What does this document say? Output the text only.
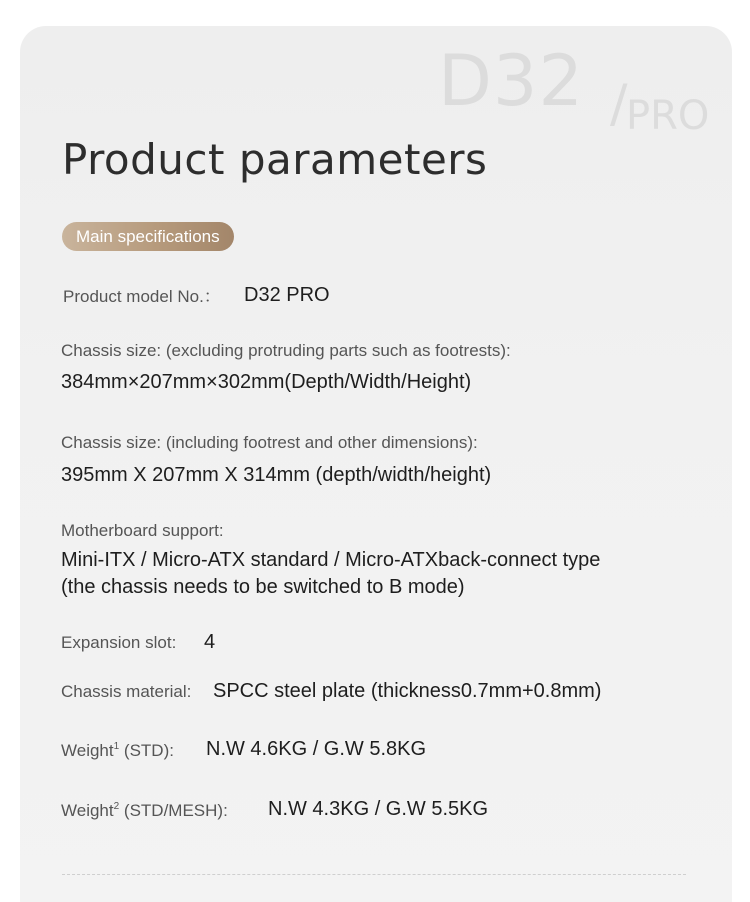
D32 /
PRO
Product parameters
Main specifications
Product model No.： D32 PRO
Chassis size: (excluding protruding parts such as footrests):
384mm×207mm×302mm(Depth/Width/Height)
Chassis size: (including footrest and other dimensions):
395mm X 207mm X 314mm (depth/width/height)
Motherboard support:
Mini-ITX / Micro-ATX standard / Micro-ATXback-connect type
(the chassis needs to be switched to B mode)
Expansion slot: 4
Chassis material: SPCC steel plate (thickness0.7mm+0.8mm)
Weight$^1$ (STD): N.W 4.6KG / G.W 5.8KG
Weight$^2$ (STD/MESH): N.W 4.3KG / G.W 5.5KG
